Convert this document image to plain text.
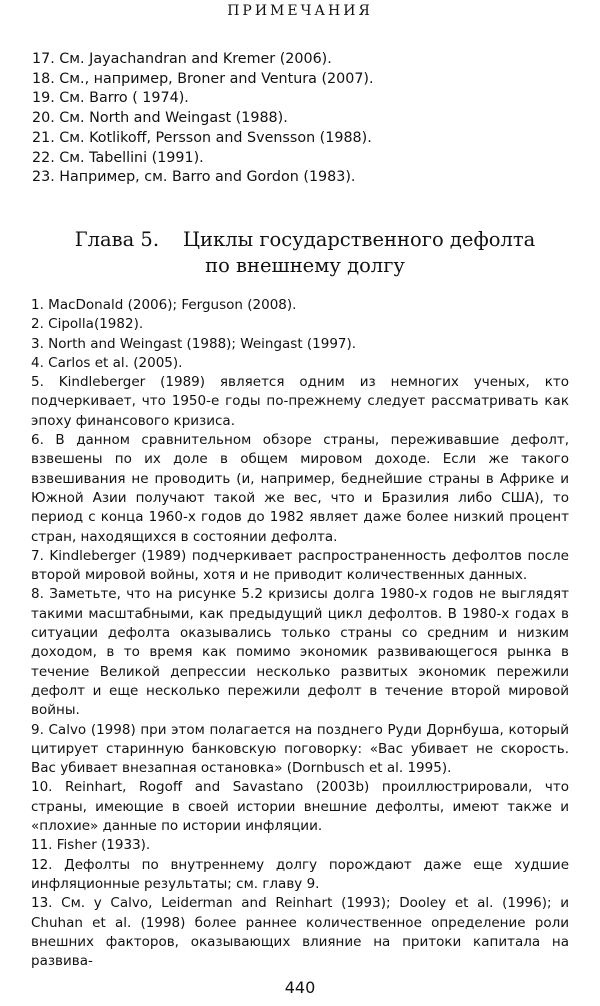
ПРИМЕЧАНИЯ
17. См. Jayachandran and Kremer (2006).
18. См., например, Broner and Ventura (2007).
19. См. Barro ( 1974).
20. См. North and Weingast (1988).
21. См. Kotlikoff, Persson and Svensson (1988).
22. См. Tabellini (1991).
23. Например, см. Barro and Gordon (1983).
Глава 5. Циклы государственного дефолта
по внешнему долгу

1. MacDonald (2006); Ferguson (2008).

2. Cipolla(1982).

3. North and Weingast (1988); Weingast (1997).

4. Carlos et al. (2005).

5. Kindleberger (1989) является одним из немногих ученых, кто подчеркивает, что 1950-е годы по-прежнему следует рассматривать как эпоху финансового кризиса.

6. В данном сравнительном обзоре страны, переживавшие дефолт, взвешены по их доле в общем мировом доходе. Если же такого взвешивания не проводить (и, например, беднейшие страны в Африке и Южной Азии получают такой же вес, что и Бразилия либо США), то период с конца 1960-х годов до 1982 являет даже более низкий процент стран, находящихся в состоянии дефолта.

7. Kindleberger (1989) подчеркивает распространенность дефолтов после второй мировой войны, хотя и не приводит количественных данных.

8. Заметьте, что на рисунке 5.2 кризисы долга 1980-х годов не выглядят такими масштабными, как предыдущий цикл дефолтов. В 1980-х годах в ситуации дефолта оказывались только страны со средним и низким доходом, в то время как помимо экономик развивающегося рынка в течение Великой депрессии несколько развитых экономик пережили дефолт и еще несколько пережили дефолт в течение второй мировой войны.

9. Calvo (1998) при этом полагается на позднего Руди Дорнбуша, который цитирует старинную банковскую поговорку: «Вас убивает не скорость. Вас убивает внезапная остановка» (Dornbusch et al. 1995).

10. Reinhart, Rogoff and Savastano (2003b) проиллюстрировали, что страны, имеющие в своей истории внешние дефолты, имеют также и «плохие» данные по истории инфляции.

11. Fisher (1933).

12. Дефолты по внутреннему долгу порождают даже еще худшие инфляционные результаты; см. главу 9.

13. См. у Calvo, Leiderman and Reinhart (1993); Dooley et al. (1996); и Chuhan et al. (1998) более раннее количественное определение роли внешних факторов, оказывающих влияние на притоки капитала на развива-

440
